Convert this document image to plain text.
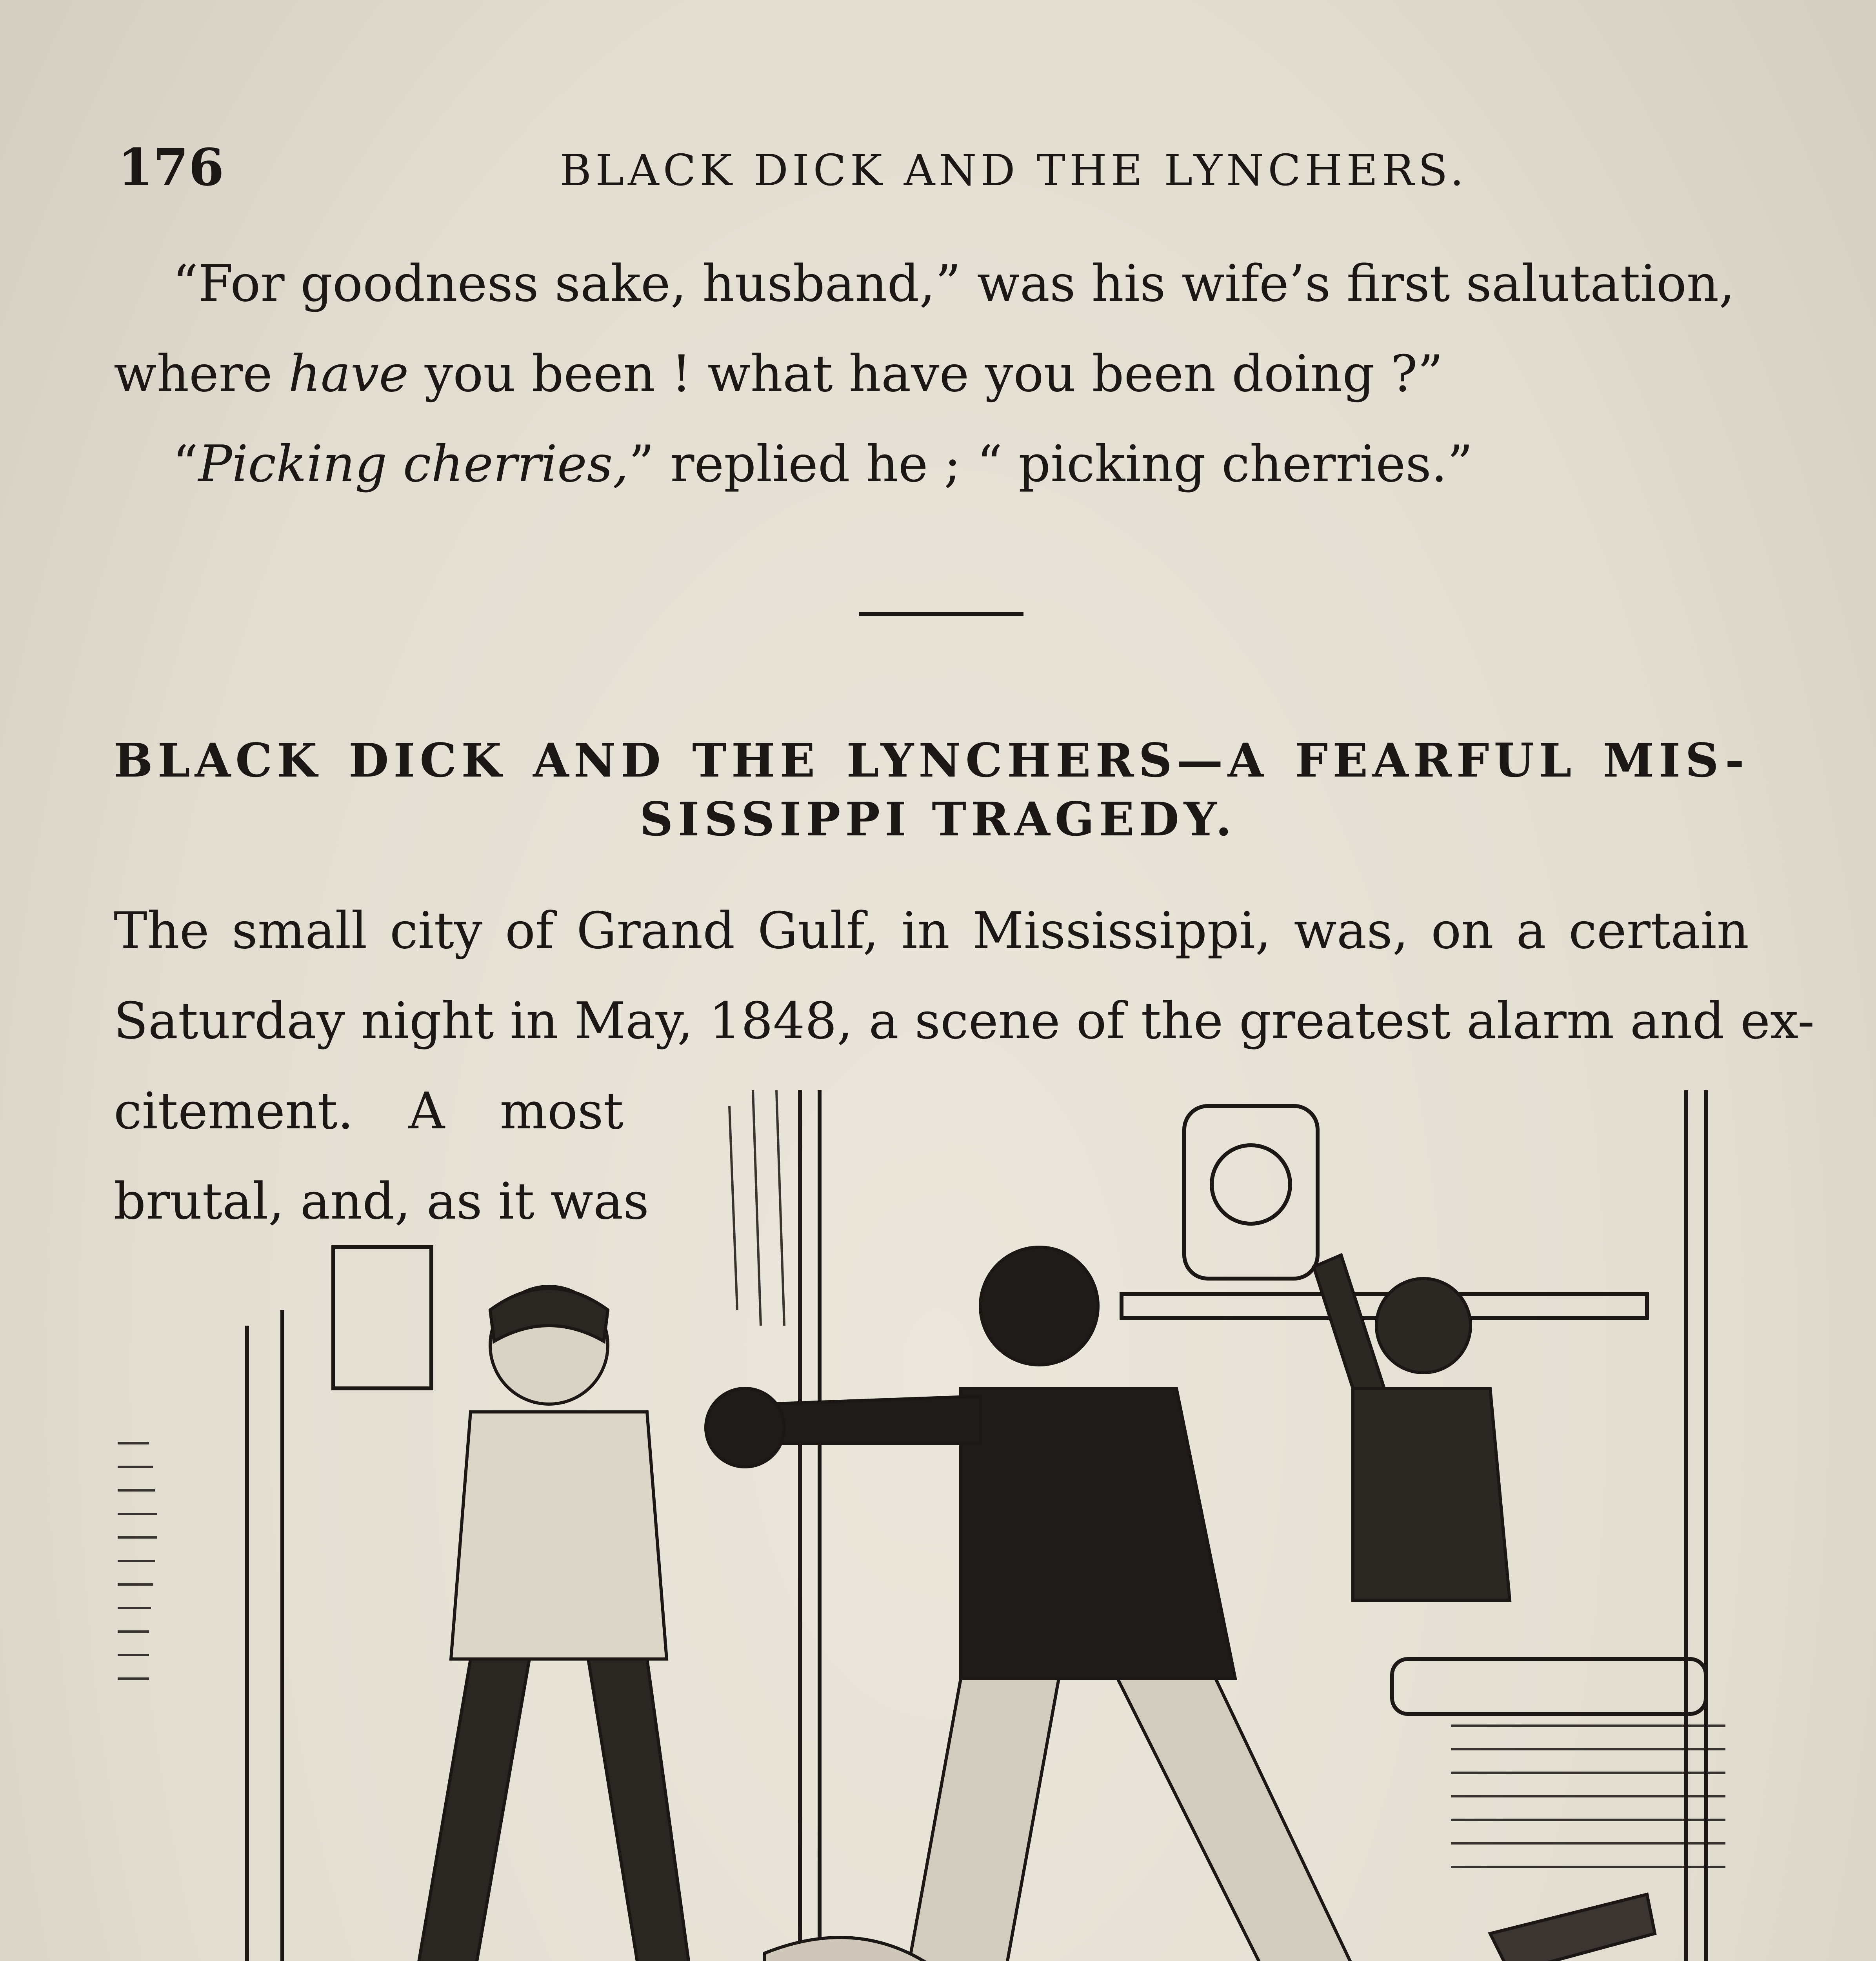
176	BLACK DICK AND THE LYNCHERS.
“For goodness sake, husband,” was his wife’s first salutation,
where have you been ! what have you been doing ?”
“Picking cherries,” replied he ; “ picking cherries.”
BLACK DICK AND THE LYNCHERS—A FEARFUL MIS-
SISSIPPI TRAGEDY.
The small city of Grand Gulf, in Mississippi, was, on a certain
Saturday night in May, 1848, a scene of the greatest alarm and ex-
citement. A most
brutal, and, as it was
